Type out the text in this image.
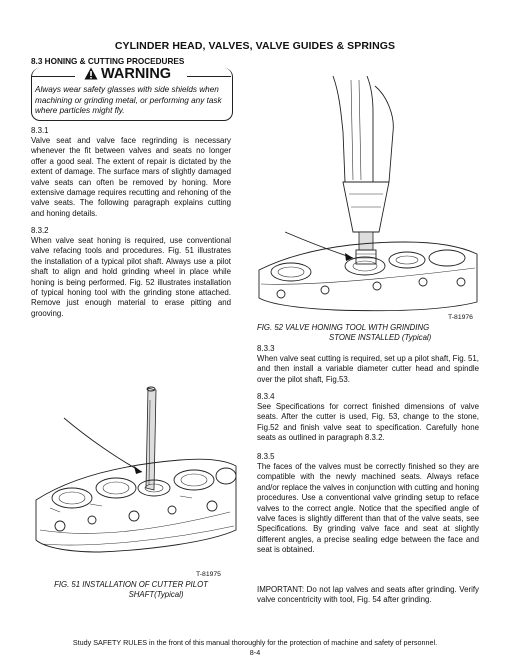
CYLINDER HEAD, VALVES, VALVE GUIDES & SPRINGS
8.3 HONING & CUTTING PROCEDURES
WARNING
Always wear safety glasses with side shields when machining or grinding metal, or performing any task where particles might fly.
8.3.1
Valve seat and valve face regrinding is necessary whenever the fit between valves and seats no longer offer a good seal. The extent of repair is dictated by the extent of damage. The surface mars of slightly damaged valve seats can often be removed by honing. More extensive damage requires recutting and rehoning of the valve seats. The following paragraph explains cutting and honing details.
8.3.2
When valve seat honing is required, use conventional valve refacing tools and procedures. Fig. 51 illustrates the installation of a typical pilot shaft. Always use a pilot shaft to align and hold grinding wheel in place while honing is being performed. Fig. 52 illustrates installation of typical honing tool with the grinding stone attached. Remove just enough material to erase pitting and grooving.
T-81975
FIG. 51 INSTALLATION OF CUTTER PILOT
SHAFT(Typical)
T-81976
FIG. 52 VALVE HONING TOOL WITH GRINDING
STONE INSTALLED (Typical)
8.3.3
When valve seat cutting is required, set up a pilot shaft, Fig. 51, and then install a variable diameter cutter head and spindle over the pilot shaft, Fig.53.
8.3.4
See Specifications for correct finished dimensions of valve seats. After the cutter is used, Fig. 53, change to the stone, Fig.52 and finish valve seat to specification. Carefully hone seats as outlined in paragraph 8.3.2.
8.3.5
The faces of the valves must be correctly finished so they are compatible with the newly machined seats. Always reface and/or replace the valves in conjunction with cutting and honing procedures. Use a conventional valve grinding setup to reface valves to the correct angle. Notice that the specified angle of valve faces is slightly different than that of the valve seats, see Specifications. By grinding valve face and seat at slightly different angles, a precise sealing edge between the face and seat is obtained.
IMPORTANT: Do not lap valves and seats after grinding. Verify valve concentricity with tool, Fig. 54 after grinding.
Study SAFETY RULES in the front of this manual thoroughly for the protection of machine and safety of personnel.
8-4
